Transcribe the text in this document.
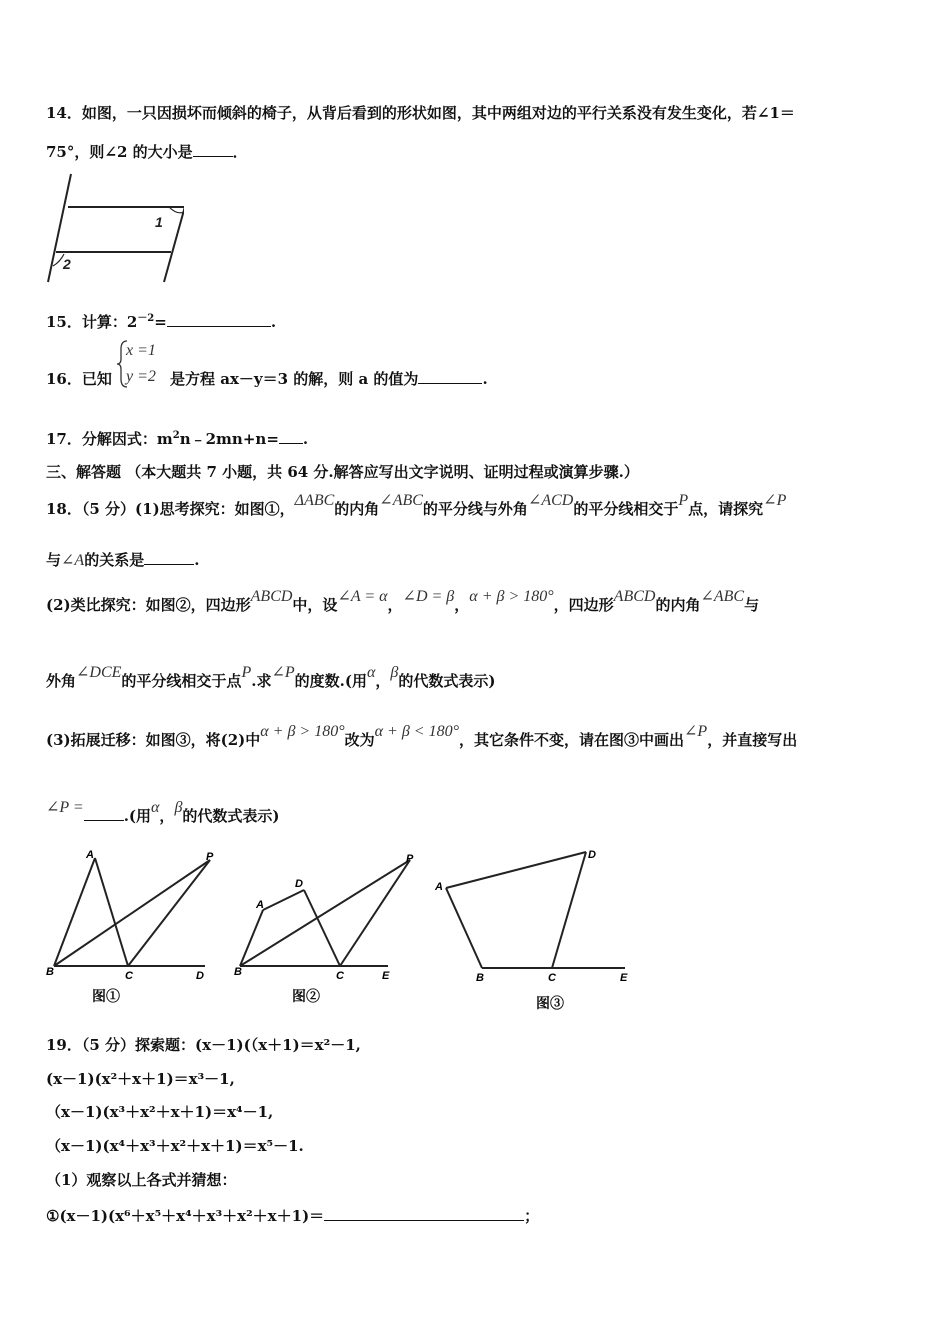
14．如图，一只因损坏而倾斜的椅子，从背后看到的形状如图，其中两组对边的平行关系没有发生变化，若∠1＝
75°，则∠2 的大小是	．
1
2
15．计算：$2^{-2}=$	.
16．已知
x =1
y =2 是方程 ax－y＝3 的解，则 a 的值为	.
17．分解因式：$m^2n﹣2mn+n=$ .
三、解答题 （本大题共 7 小题，共 64 分.解答应写出文字说明、证明过程或演算步骤.）
18．（5 分）(1)思考探究：如图①，ΔABC的内角∠ABC的平分线与外角∠ACD的平分线相交于P点，请探究∠P
与∠A的关系是	.
(2)类比探究：如图②，四边形ABCD中，设∠A = α，∠D = β，α + β > 180°，四边形ABCD的内角∠ABC与
外角∠DCE的平分线相交于点P.求∠P的度数.(用α，β的代数式表示)
(3)拓展迁移：如图③，将(2)中α + β > 180°改为α + β < 180°，其它条件不变，请在图③中画出∠P，并直接写出
∠P =	.(用α，β的代数式表示)
A
B	C	D
P
图①
A
D
B	C	E
P
图②
A
D
B	C	E
图③
19．（5 分）探索题：(x－1)(（x＋1)＝x²－1,
(x－1)(x²＋x＋1)＝x³－1,
（x－1)(x³＋x²＋x＋1)＝x⁴－1,
（x－1)(x⁴＋x³＋x²＋x＋1)＝x⁵－1.
（1）观察以上各式并猜想：
①(x－1)(x⁶＋x⁵＋x⁴＋x³＋x²＋x＋1)＝	；
